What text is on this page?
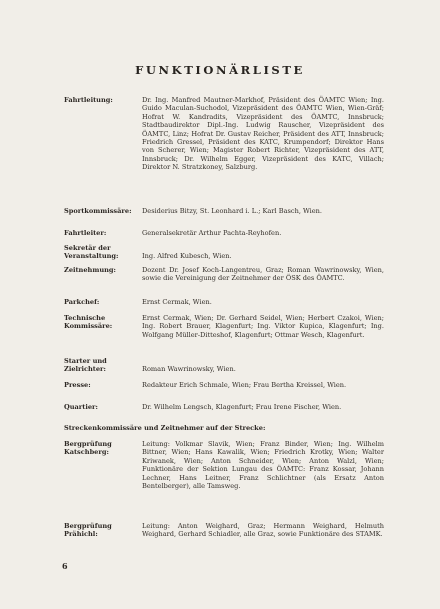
FUNKTIONÄRLISTE
Fahrtleitung:	Dr. Ing. Manfred Mautner-Markhof, Präsident des ÖAMTC Wien; Ing. Guido Maculan-Suchodol, Vizepräsident des ÖAMTC Wien, Wien-Gräf; Hofrat W. Kandradits, Vizepräsident des ÖAMTC, Innsbruck; Stadtbaudirektor Dipl.-Ing. Ludwig Rauscher, Vizepräsident des ÖAMTC, Linz; Hofrat Dr. Gustav Reicher, Präsident des ATT, Innsbruck; Friedrich Gressel, Präsident des KATC, Krumpendorf; Direktor Hans von Scherer, Wien; Magister Robert Richter, Vizepräsident des ATT, Innsbruck; Dr. Wilhelm Egger, Vizepräsident des KATC, Villach; Direktor N. Stratzkoney, Salzburg.
Sportkommissäre:	Desiderius Bitzy, St. Leonhard i. L.; Karl Basch, Wien.
Fahrtleiter:	Generalsekretär Arthur Pachta-Reyhofen.
Sekretär der Veranstaltung:	Ing. Alfred Kubesch, Wien.
Zeitnehmung:	Dozent Dr. Josef Koch-Langentreu, Graz; Roman Wawrinowsky, Wien, sowie die Vereinigung der Zeitnehmer der ÖSK des ÖAMTC.
Parkchef:	Ernst Cermak, Wien.
Technische Kommissäre:
Ernst Cermak, Wien; Dr. Gerhard Seidel, Wien; Herbert Czakoi, Wien; Ing. Robert Brauer, Klagenfurt; Ing. Viktor Kupica, Klagenfurt; Ing. Wolfgang Müller-Ditteshof, Klagenfurt; Ottmar Wesch, Klagenfurt.
Starter und Zielrichter:	Roman Wawrinowsky, Wien.
Presse:	Redakteur Erich Schmale, Wien; Frau Bertha Kreissel, Wien.
Quartier:	Dr. Wilhelm Lengsch, Klagenfurt; Frau Irene Fischer, Wien.
Streckenkommissäre und Zeitnehmer auf der Strecke:
Bergprüfung Katschberg:
Leitung: Volkmar Slavik, Wien; Franz Binder, Wien; Ing. Wilhelm Bittner, Wien; Hans Kawalik, Wien; Friedrich Krotky, Wien; Walter Kriwanek, Wien; Anton Schneider, Wien; Anton Walzl, Wien; Funktionäre der Sektion Lungau des ÖAMTC: Franz Kossar, Johann Lechner, Hans Leitner, Franz Schlichtner (als Ersatz Anton Bentelberger), alle Tamsweg.
Bergprüfung Prähichl:
Leitung: Anton Weighard, Graz; Hermann Weighard, Helmuth Weighard, Gerhard Schiadler, alle Graz, sowie Funktionäre des STAMK.
6
